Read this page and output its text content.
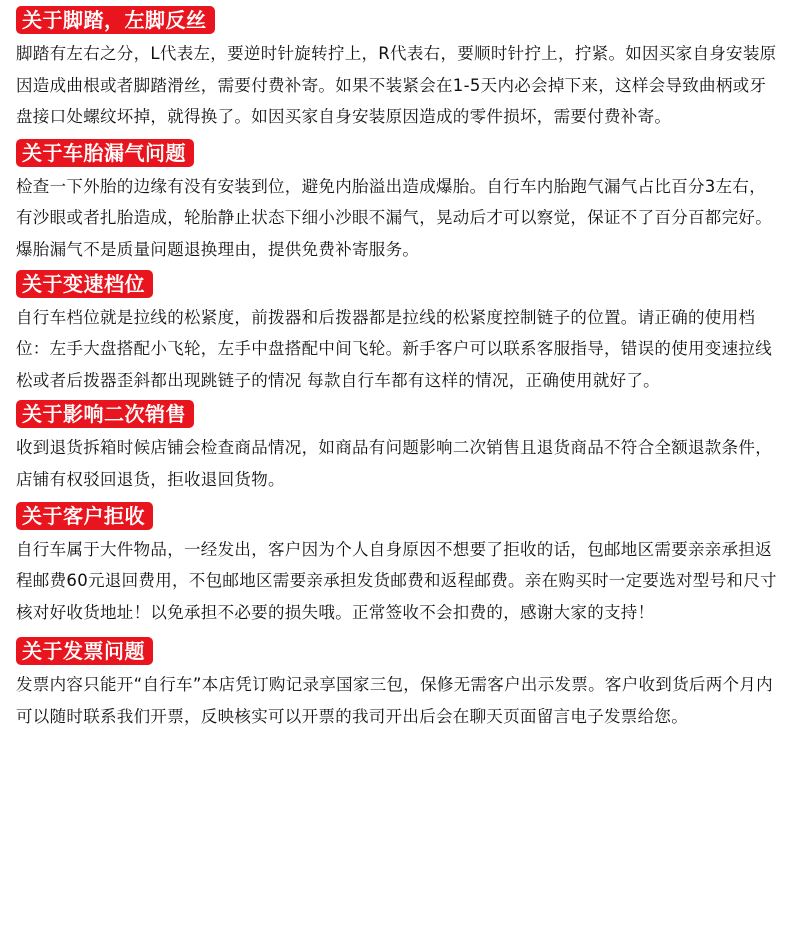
关于脚踏，左脚反丝
脚踏有左右之分，L代表左，要逆时针旋转拧上，R代表右，要顺时针拧上，拧紧。如因买家自身安装原因造成曲根或者脚踏滑丝，需要付费补寄。如果不装紧会在1-5天内必会掉下来，这样会导致曲柄或牙盘接口处螺纹坏掉，就得换了。如因买家自身安装原因造成的零件损坏，需要付费补寄。
关于车胎漏气问题
检查一下外胎的边缘有没有安装到位，避免内胎溢出造成爆胎。自行车内胎跑气漏气占比百分3左右，有沙眼或者扎胎造成，轮胎静止状态下细小沙眼不漏气，晃动后才可以察觉，保证不了百分百都完好。爆胎漏气不是质量问题退换理由，提供免费补寄服务。
关于变速档位
自行车档位就是拉线的松紧度，前拨器和后拨器都是拉线的松紧度控制链子的位置。请正确的使用档位：左手大盘搭配小飞轮，左手中盘搭配中间飞轮。新手客户可以联系客服指导，错误的使用变速拉线松或者后拨器歪斜都出现跳链子的情况 每款自行车都有这样的情况，正确使用就好了。
关于影响二次销售
收到退货拆箱时候店铺会检查商品情况，如商品有问题影响二次销售且退货商品不符合全额退款条件，店铺有权驳回退货，拒收退回货物。
关于客户拒收
自行车属于大件物品，一经发出，客户因为个人自身原因不想要了拒收的话，包邮地区需要亲亲承担返程邮费60元退回费用，不包邮地区需要亲承担发货邮费和返程邮费。亲在购买时一定要选对型号和尺寸核对好收货地址！以免承担不必要的损失哦。正常签收不会扣费的，感谢大家的支持！
关于发票问题
发票内容只能开“自行车”本店凭订购记录享国家三包，保修无需客户出示发票。客户收到货后两个月内可以随时联系我们开票，反映核实可以开票的我司开出后会在聊天页面留言电子发票给您。
